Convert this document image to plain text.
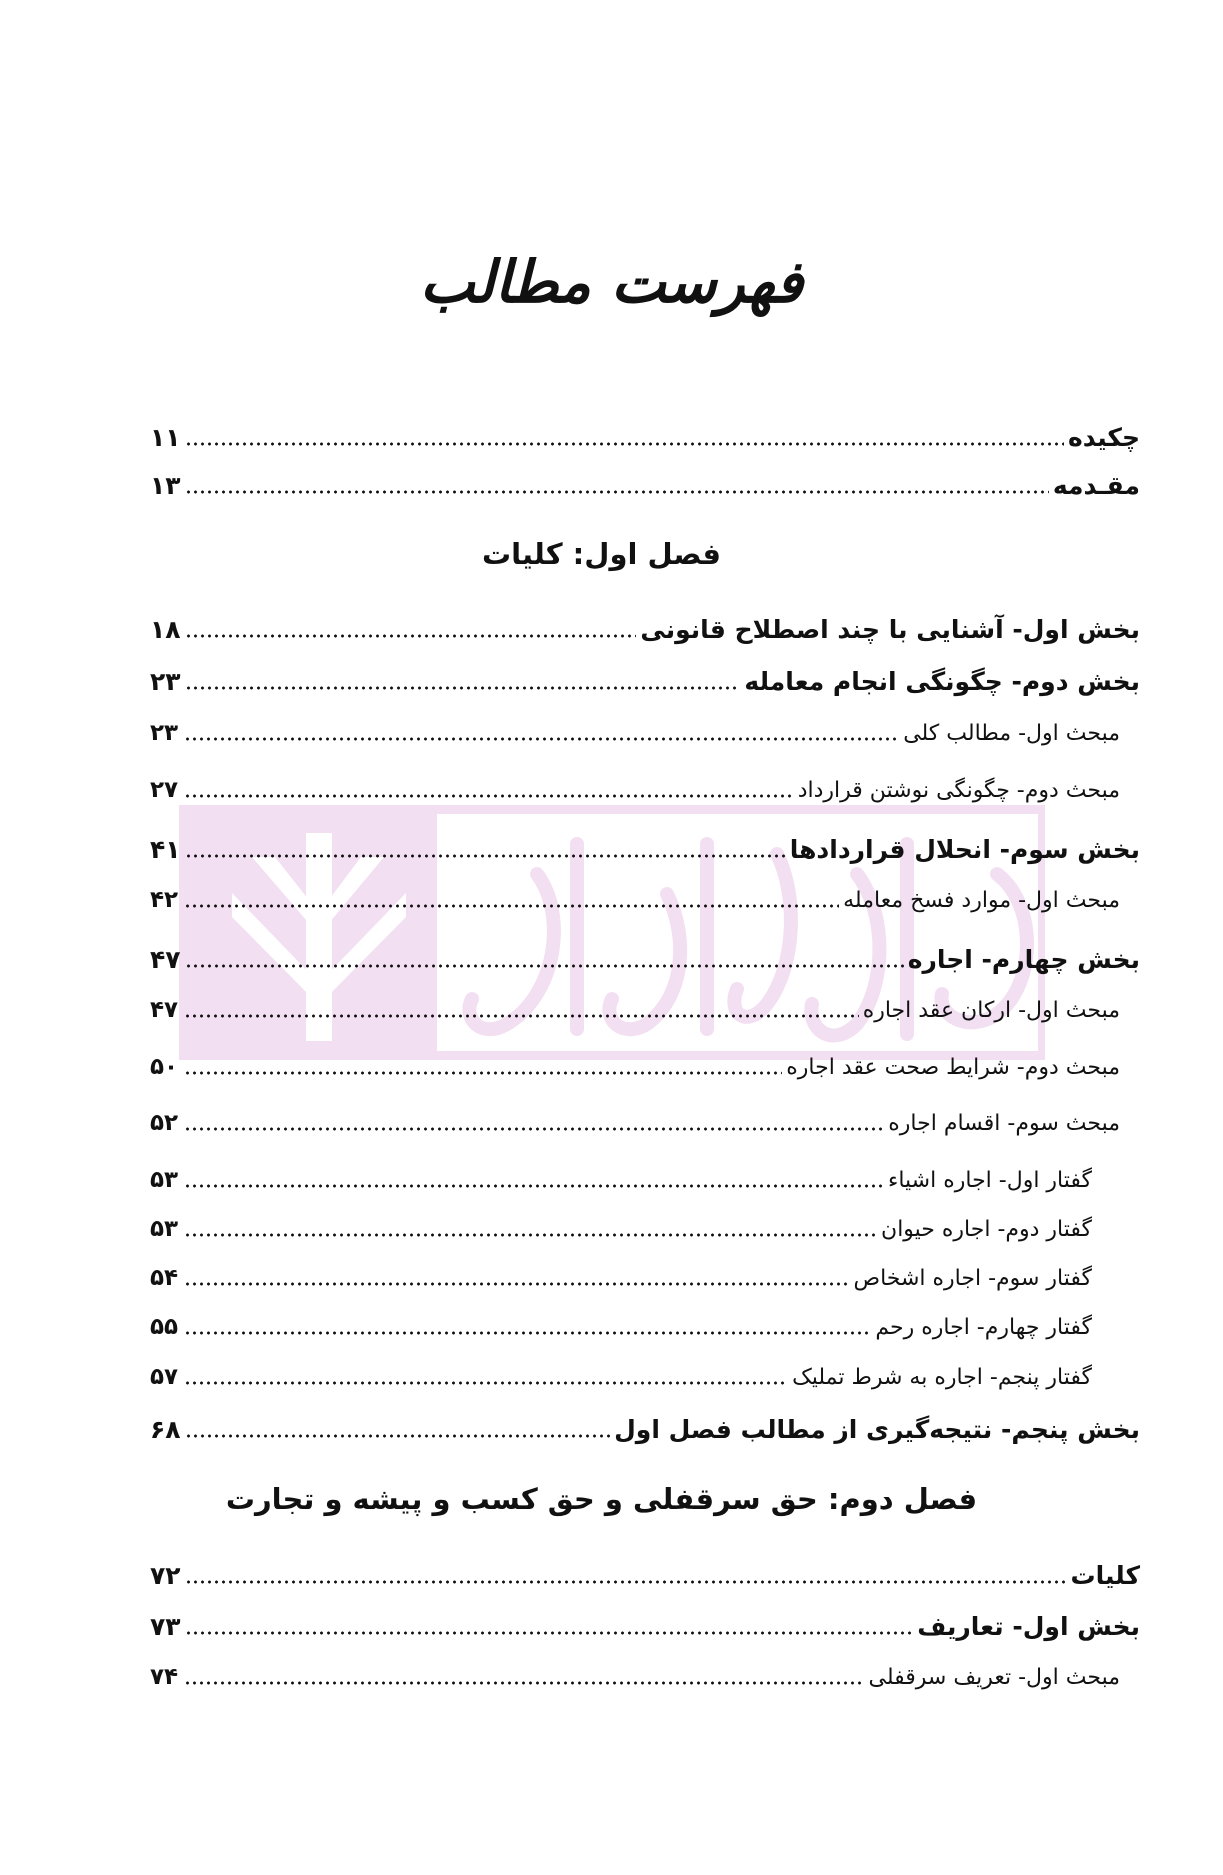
فهرست مطالب
چکیده
۱۱
مقـدمه
۱۳
فصل اول: کلیات
بخش اول- آشنایی با چند اصطلاح قانونی
۱۸
بخش دوم- چگونگی انجام معامله
۲۳
مبحث اول- مطالب کلی
۲۳
مبحث دوم- چگونگی نوشتن قرارداد
۲۷
بخش سوم- انحلال قراردادها
۴۱
مبحث اول- موارد فسخ معامله
۴۲
بخش چهارم- اجاره
۴۷
مبحث اول- ارکان عقد اجاره
۴۷
مبحث دوم- شرایط صحت عقد اجاره
۵۰
مبحث سوم- اقسام اجاره
۵۲
گفتار اول- اجاره اشیاء
۵۳
گفتار دوم- اجاره حیوان
۵۳
گفتار سوم- اجاره اشخاص
۵۴
گفتار چهارم- اجاره رحم
۵۵
گفتار پنجم- اجاره به شرط تملیک
۵۷
بخش پنجم- نتیجه‌گیری از مطالب فصل اول
۶۸
فصل دوم: حق سرقفلی و حق کسب و پیشه و تجارت
کلیات
۷۲
بخش اول- تعاریف
۷۳
مبحث اول- تعریف سرقفلی
۷۴
